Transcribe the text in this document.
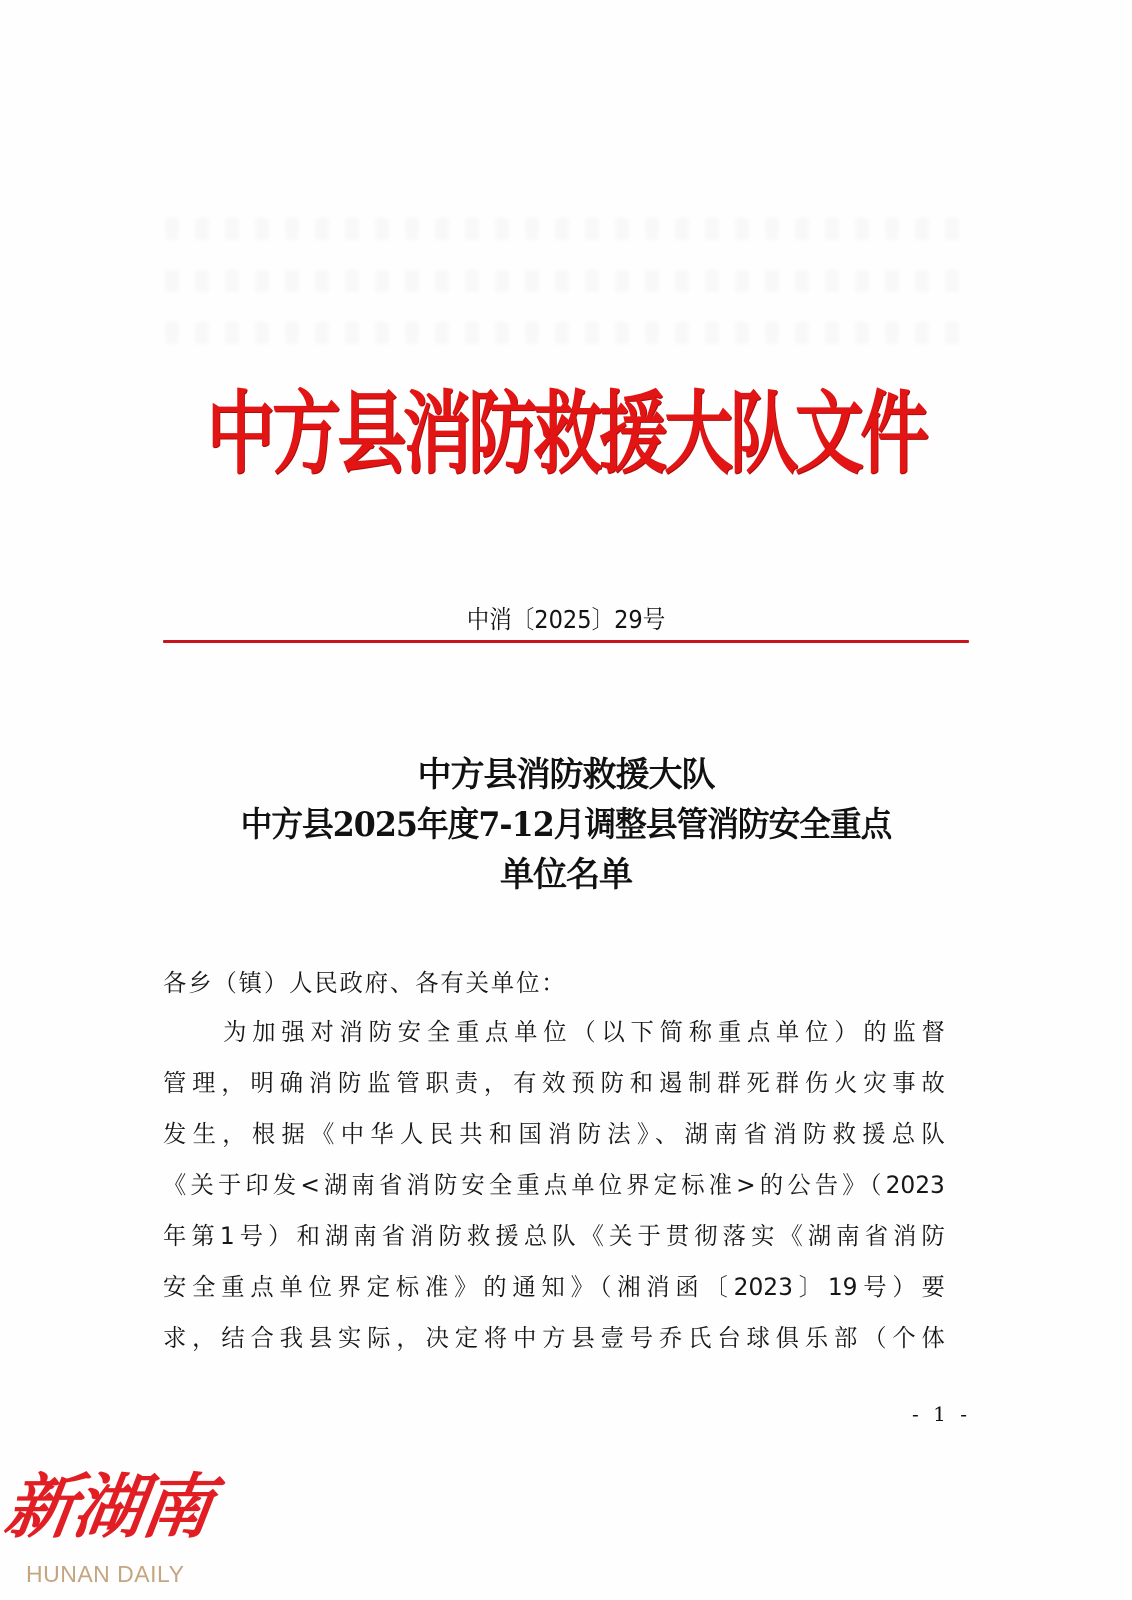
中方县消防救援大队文件
中消〔2025〕29号
中方县消防救援大队
中方县2025年度7-12月调整县管消防安全重点
单位名单
各乡（镇）人民政府、各有关单位：
为加强对消防安全重点单位（以下简称重点单位）的监督
管理，明确消防监管职责，有效预防和遏制群死群伤火灾事故
发生，根据《中华人民共和国消防法》、湖南省消防救援总队
《关于印发<湖南省消防安全重点单位界定标准>的公告》（2023
年第1号）和湖南省消防救援总队《关于贯彻落实《湖南省消防
安全重点单位界定标准》的通知》（湘消函〔2023〕19号）要
求，结合我县实际，决定将中方县壹号乔氏台球俱乐部（个体
- 1 -
新湖南
HUNAN DAILY
